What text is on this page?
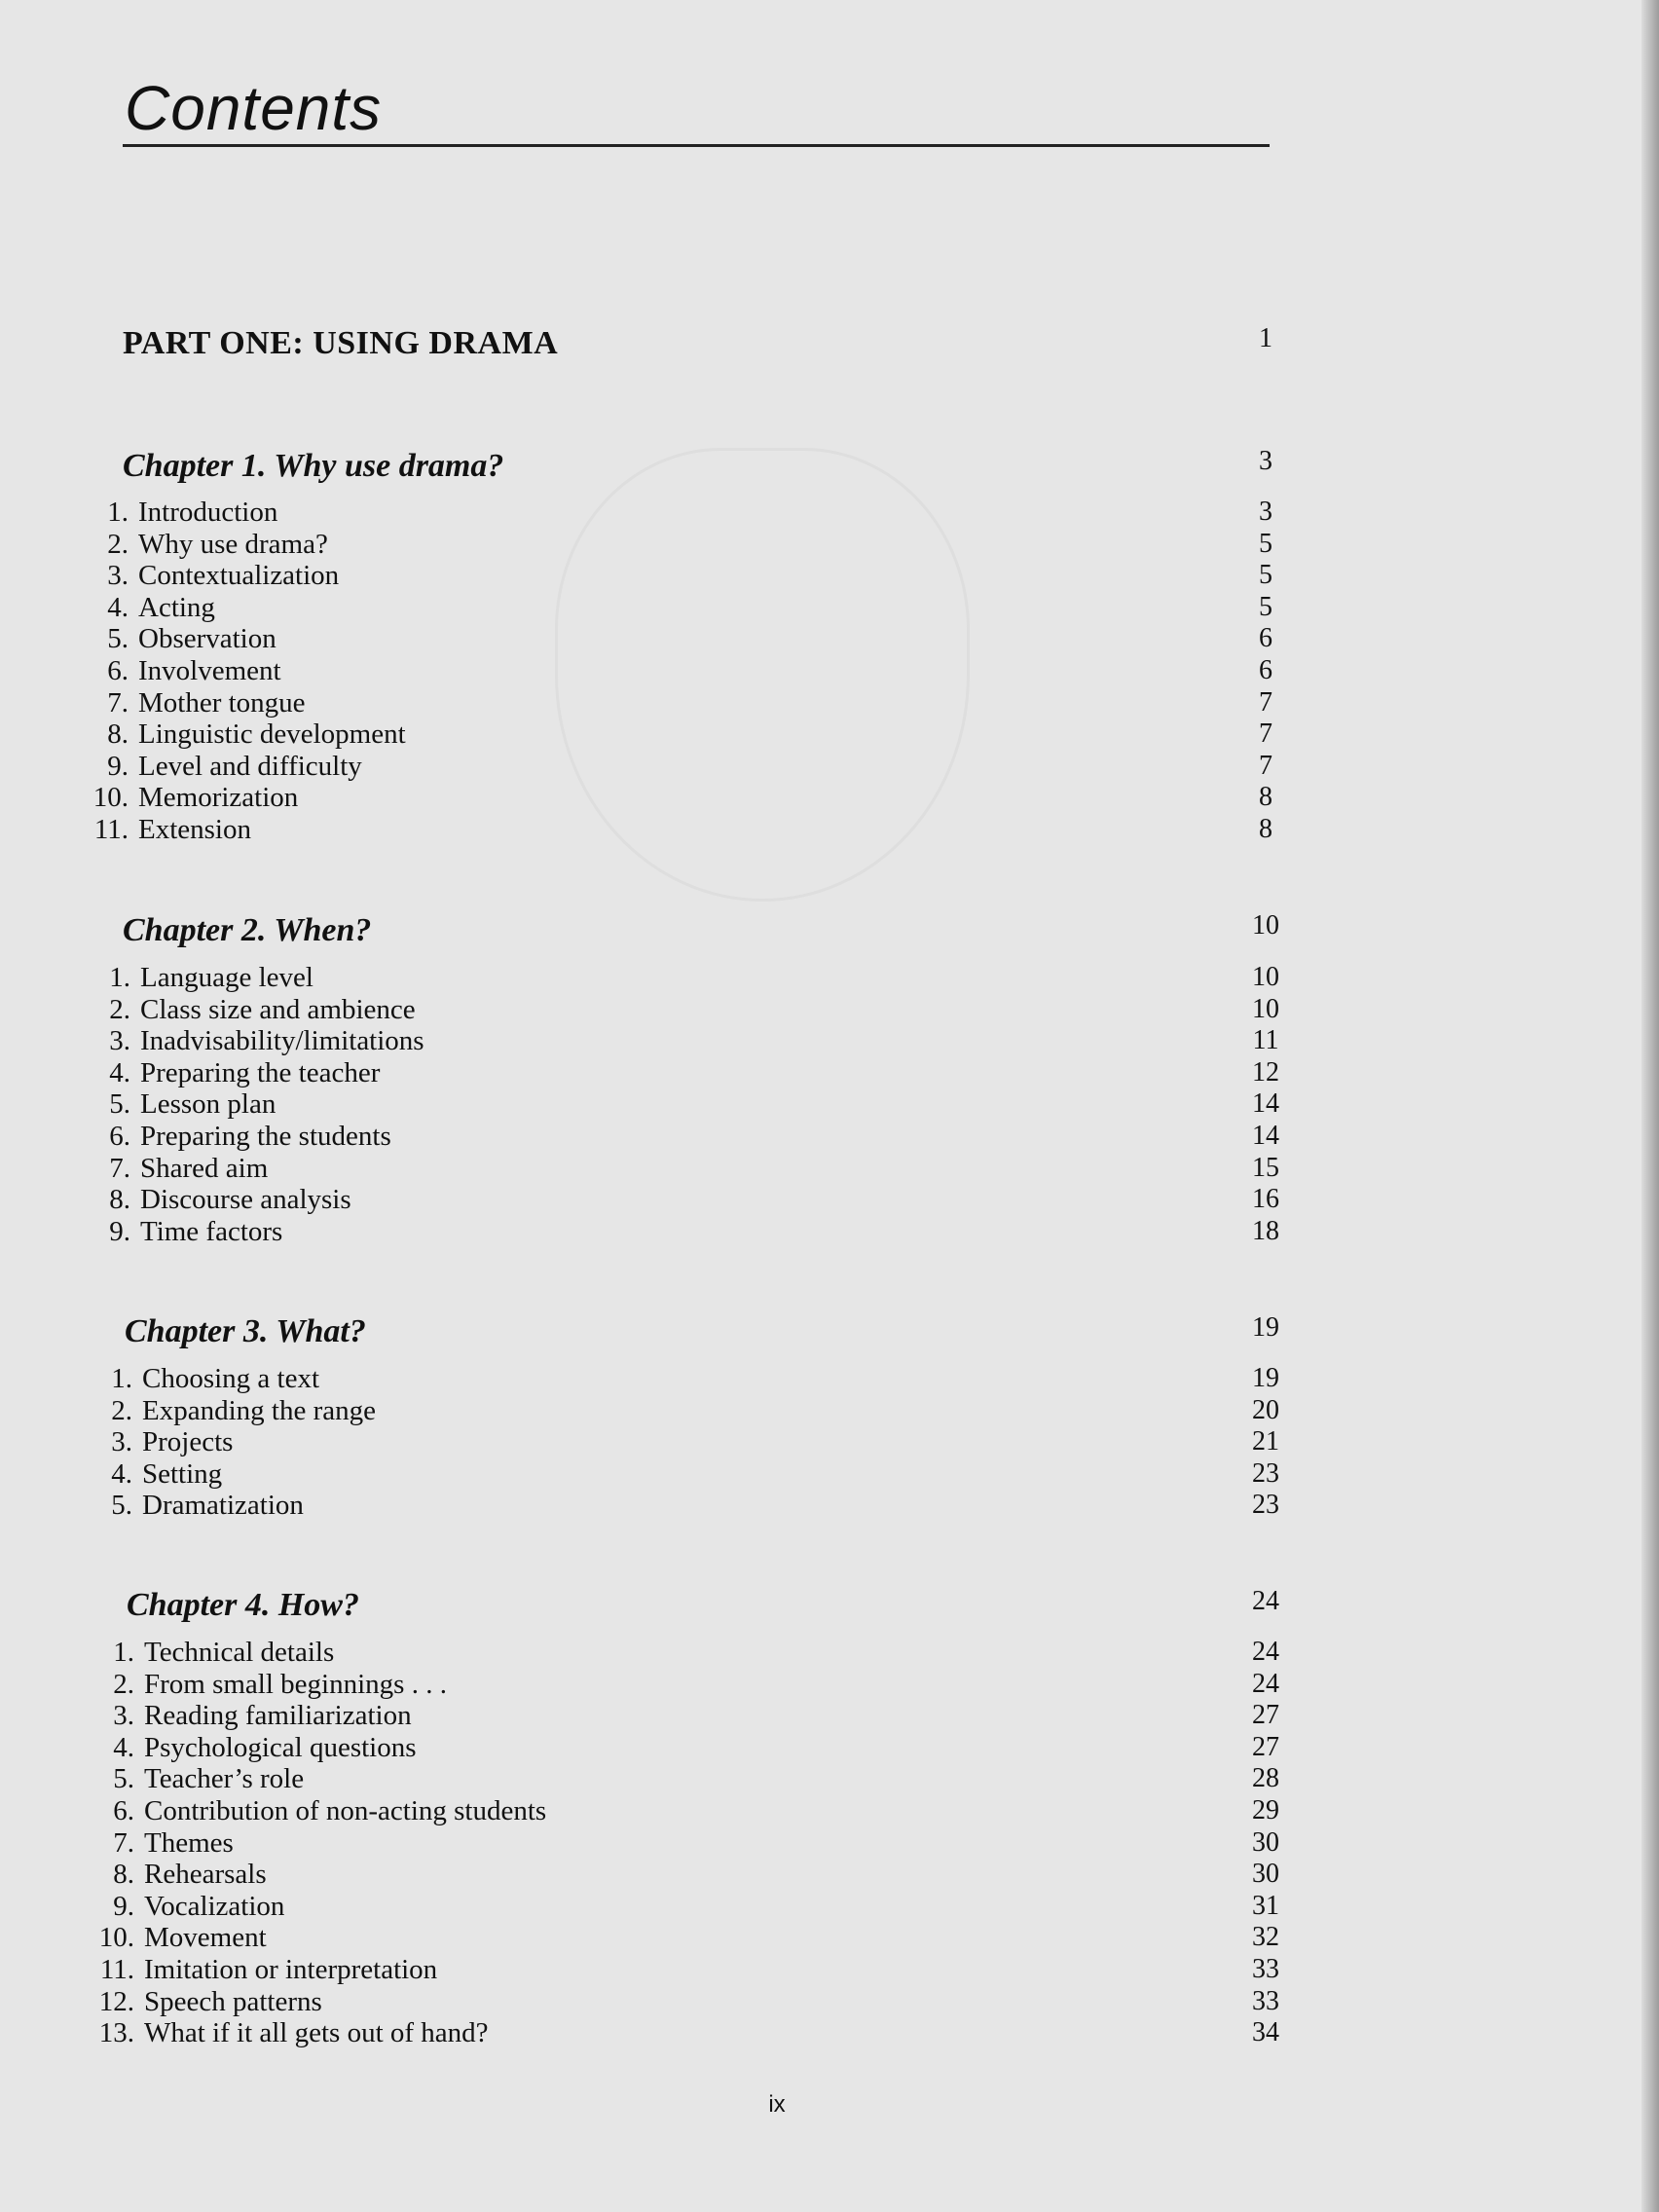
Contents
PART ONE: USING DRAMA	1
Chapter 1. Why use drama?	3
1. Introduction	3
2. Why use drama?	5
3. Contextualization	5
4. Acting	5
5. Observation	6
6. Involvement	6
7. Mother tongue	7
8. Linguistic development	7
9. Level and difficulty	7
10. Memorization	8
11. Extension	8
Chapter 2. When?	10
1. Language level	10
2. Class size and ambience	10
3. Inadvisability/limitations	11
4. Preparing the teacher	12
5. Lesson plan	14
6. Preparing the students	14
7. Shared aim	15
8. Discourse analysis	16
9. Time factors	18
Chapter 3. What?	19
1. Choosing a text	19
2. Expanding the range	20
3. Projects	21
4. Setting	23
5. Dramatization	23
Chapter 4. How?	24
1. Technical details	24
2. From small beginnings . . .	24
3. Reading familiarization	27
4. Psychological questions	27
5. Teacher’s role	28
6. Contribution of non-acting students	29
7. Themes	30
8. Rehearsals	30
9. Vocalization	31
10. Movement	32
11. Imitation or interpretation	33
12. Speech patterns	33
13. What if it all gets out of hand?	34
ix
